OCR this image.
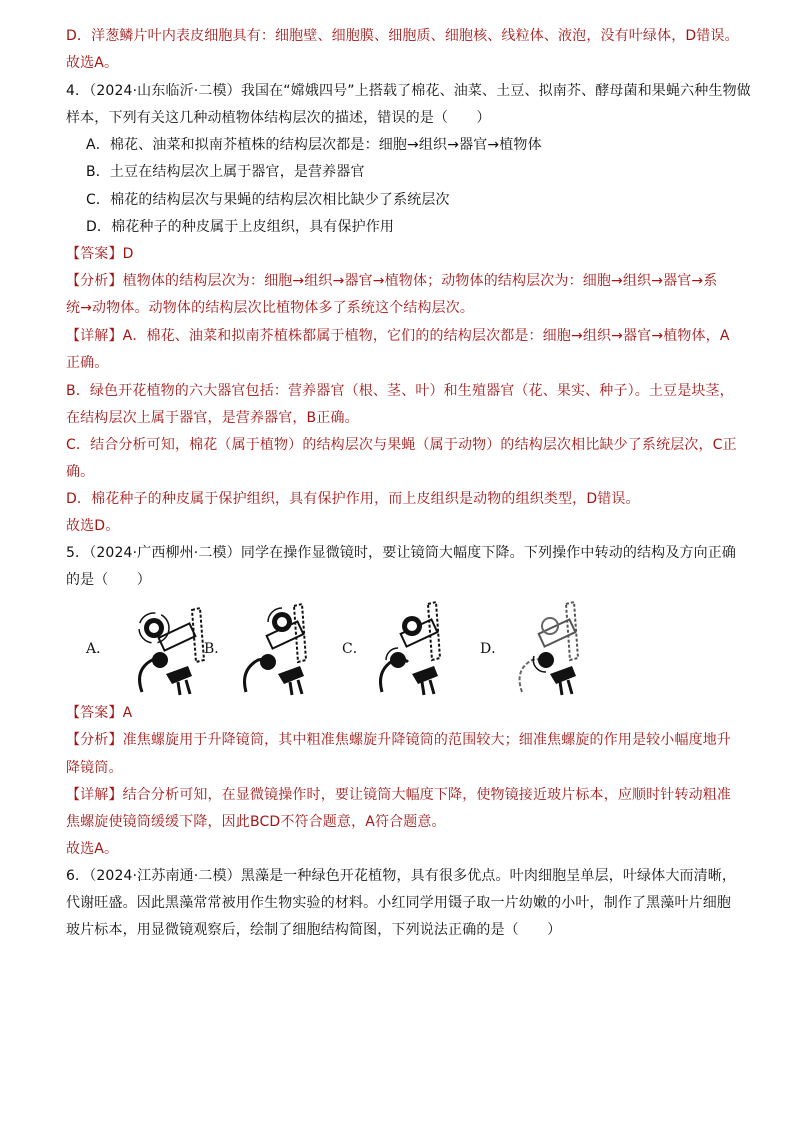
D．洋葱鳞片叶内表皮细胞具有：细胞壁、细胞膜、细胞质、细胞核、线粒体、液泡，没有叶绿体，D错误。
故选A。
4．（2024·山东临沂·二模）我国在“嫦娥四号”上搭载了棉花、油菜、土豆、拟南芥、酵母菌和果蝇六种生物做
样本，下列有关这几种动植物体结构层次的描述，错误的是（　　）
A．棉花、油菜和拟南芥植株的结构层次都是：细胞→组织→器官→植物体
B．土豆在结构层次上属于器官，是营养器官
C．棉花的结构层次与果蝇的结构层次相比缺少了系统层次
D．棉花种子的种皮属于上皮组织，具有保护作用
【答案】D
【分析】植物体的结构层次为：细胞→组织→器官→植物体；动物体的结构层次为：细胞→组织→器官→系
统→动物体。动物体的结构层次比植物体多了系统这个结构层次。
【详解】A．棉花、油菜和拟南芥植株都属于植物，它们的的结构层次都是：细胞→组织→器官→植物体，A
正确。
B．绿色开花植物的六大器官包括：营养器官（根、茎、叶）和生殖器官（花、果实、种子）。土豆是块茎，
在结构层次上属于器官，是营养器官，B正确。
C．结合分析可知，棉花（属于植物）的结构层次与果蝇（属于动物）的结构层次相比缺少了系统层次，C正
确。
D．棉花种子的种皮属于保护组织，具有保护作用，而上皮组织是动物的组织类型，D错误。
故选D。
5．（2024·广西柳州·二模）同学在操作显微镜时，要让镜筒大幅度下降。下列操作中转动的结构及方向正确
的是（　　）
A．	B．	C．	D．
【答案】A
【分析】准焦螺旋用于升降镜筒，其中粗准焦螺旋升降镜筒的范围较大；细准焦螺旋的作用是较小幅度地升
降镜筒。
【详解】结合分析可知，在显微镜操作时，要让镜筒大幅度下降，使物镜接近玻片标本，应顺时针转动粗准
焦螺旋使镜筒缓缓下降，因此BCD不符合题意，A符合题意。
故选A。
6．（2024·江苏南通·二模）黑藻是一种绿色开花植物，具有很多优点。叶肉细胞呈单层，叶绿体大而清晰，
代谢旺盛。因此黑藻常常被用作生物实验的材料。小红同学用镊子取一片幼嫩的小叶，制作了黑藻叶片细胞
玻片标本，用显微镜观察后，绘制了细胞结构简图，下列说法正确的是（　　）
